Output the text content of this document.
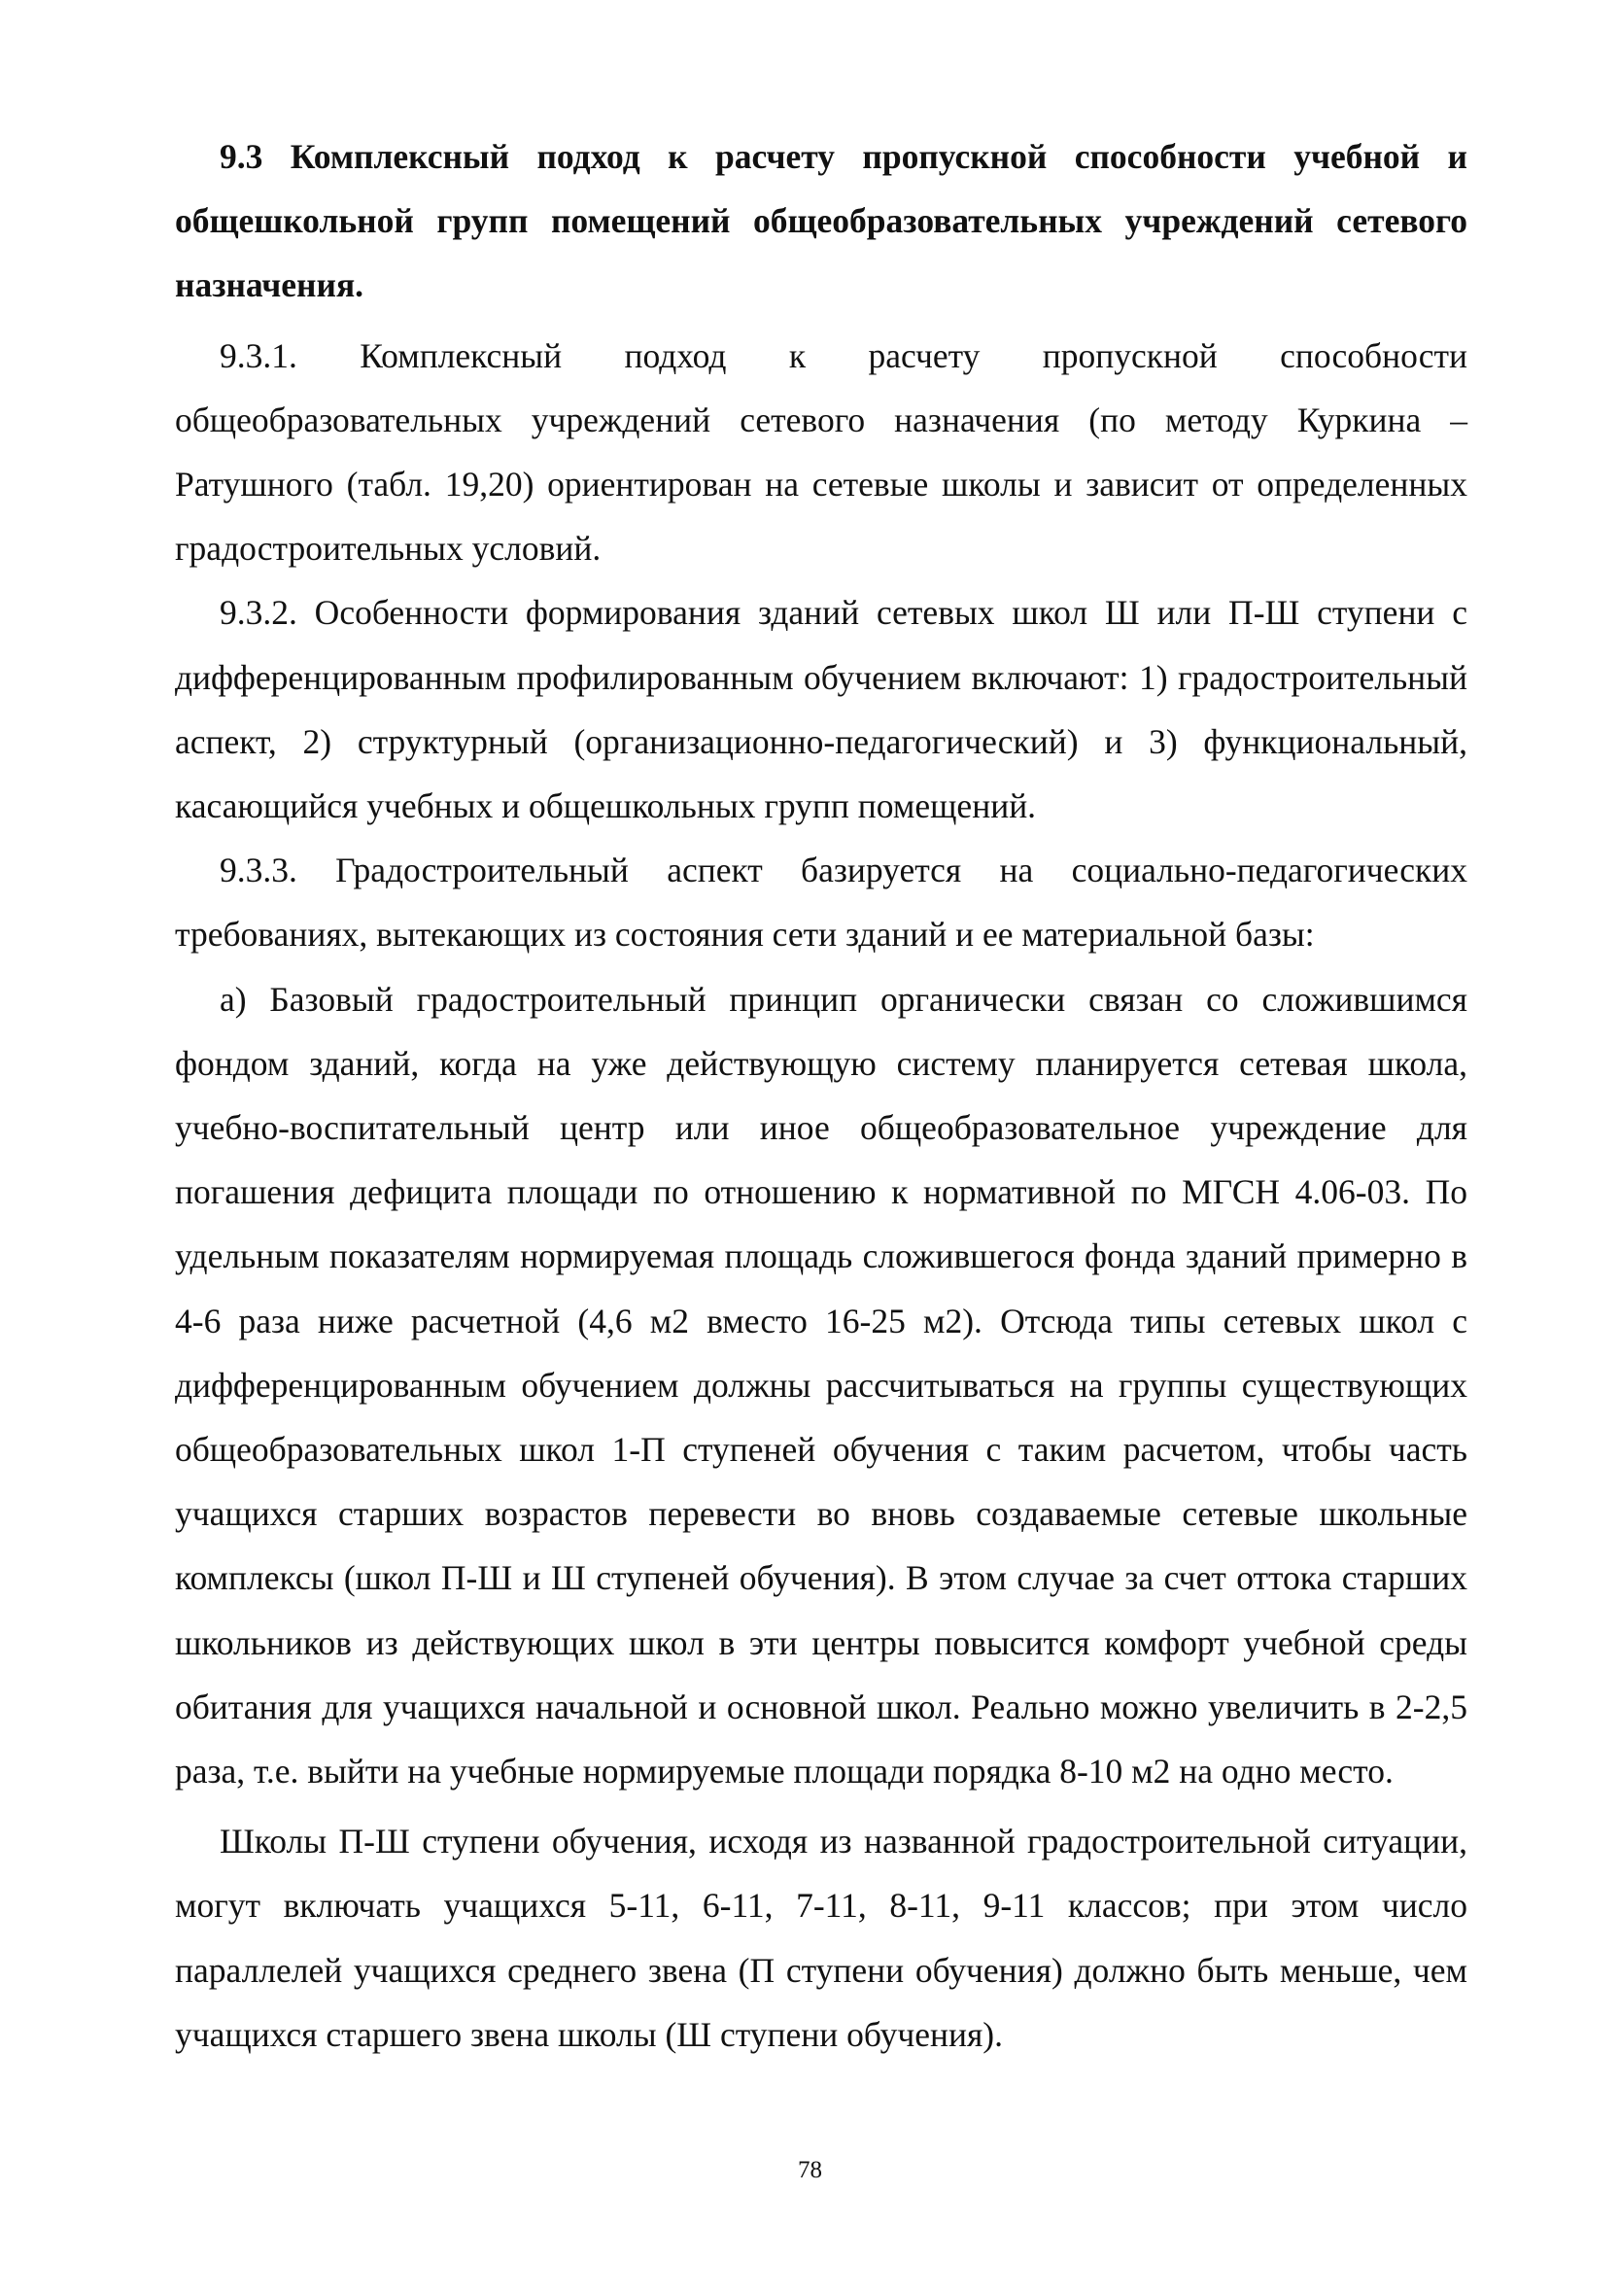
9.3 Комплексный подход к расчету пропускной способности учебной и общешкольной групп помещений общеобразовательных учреждений сетевого назначения.

9.3.1. Комплексный подход к расчету пропускной способности общеобразовательных учреждений сетевого назначения (по методу Куркина – Ратушного (табл. 19,20) ориентирован на сетевые школы и зависит от определенных градостроительных условий.

9.3.2. Особенности формирования зданий сетевых школ Ш или П-Ш ступени с дифференцированным профилированным обучением включают: 1) градостроительный аспект, 2) структурный (организационно-педагогический) и 3) функциональный, касающийся учебных и общешкольных групп помещений.

9.3.3. Градостроительный аспект базируется на социально-педагогических требованиях, вытекающих из состояния сети зданий и ее материальной базы:

а) Базовый градостроительный принцип органически связан со сложившимся фондом зданий, когда на уже действующую систему планируется сетевая школа, учебно-воспитательный центр или иное общеобразовательное учреждение для погашения дефицита площади по отношению к нормативной по МГСН 4.06-03. По удельным показателям нормируемая площадь сложившегося фонда зданий примерно в 4-6 раза ниже расчетной (4,6 м2 вместо 16-25 м2). Отсюда типы сетевых школ с дифференцированным обучением должны рассчитываться на группы существующих общеобразовательных школ 1-П ступеней обучения с таким расчетом, чтобы часть учащихся старших возрастов перевести во вновь создаваемые сетевые школьные комплексы (школ П-Ш и Ш ступеней обучения). В этом случае за счет оттока старших школьников из действующих школ в эти центры повысится комфорт учебной среды обитания для учащихся начальной и основной школ. Реально можно увеличить в 2-2,5 раза, т.е. выйти на учебные нормируемые площади порядка 8-10 м2 на одно место.

Школы П-Ш ступени обучения, исходя из названной градостроительной ситуации, могут включать учащихся 5-11, 6-11, 7-11, 8-11, 9-11 классов; при этом число параллелей учащихся среднего звена (П ступени обучения) должно быть меньше, чем учащихся старшего звена школы (Ш ступени обучения).

78
